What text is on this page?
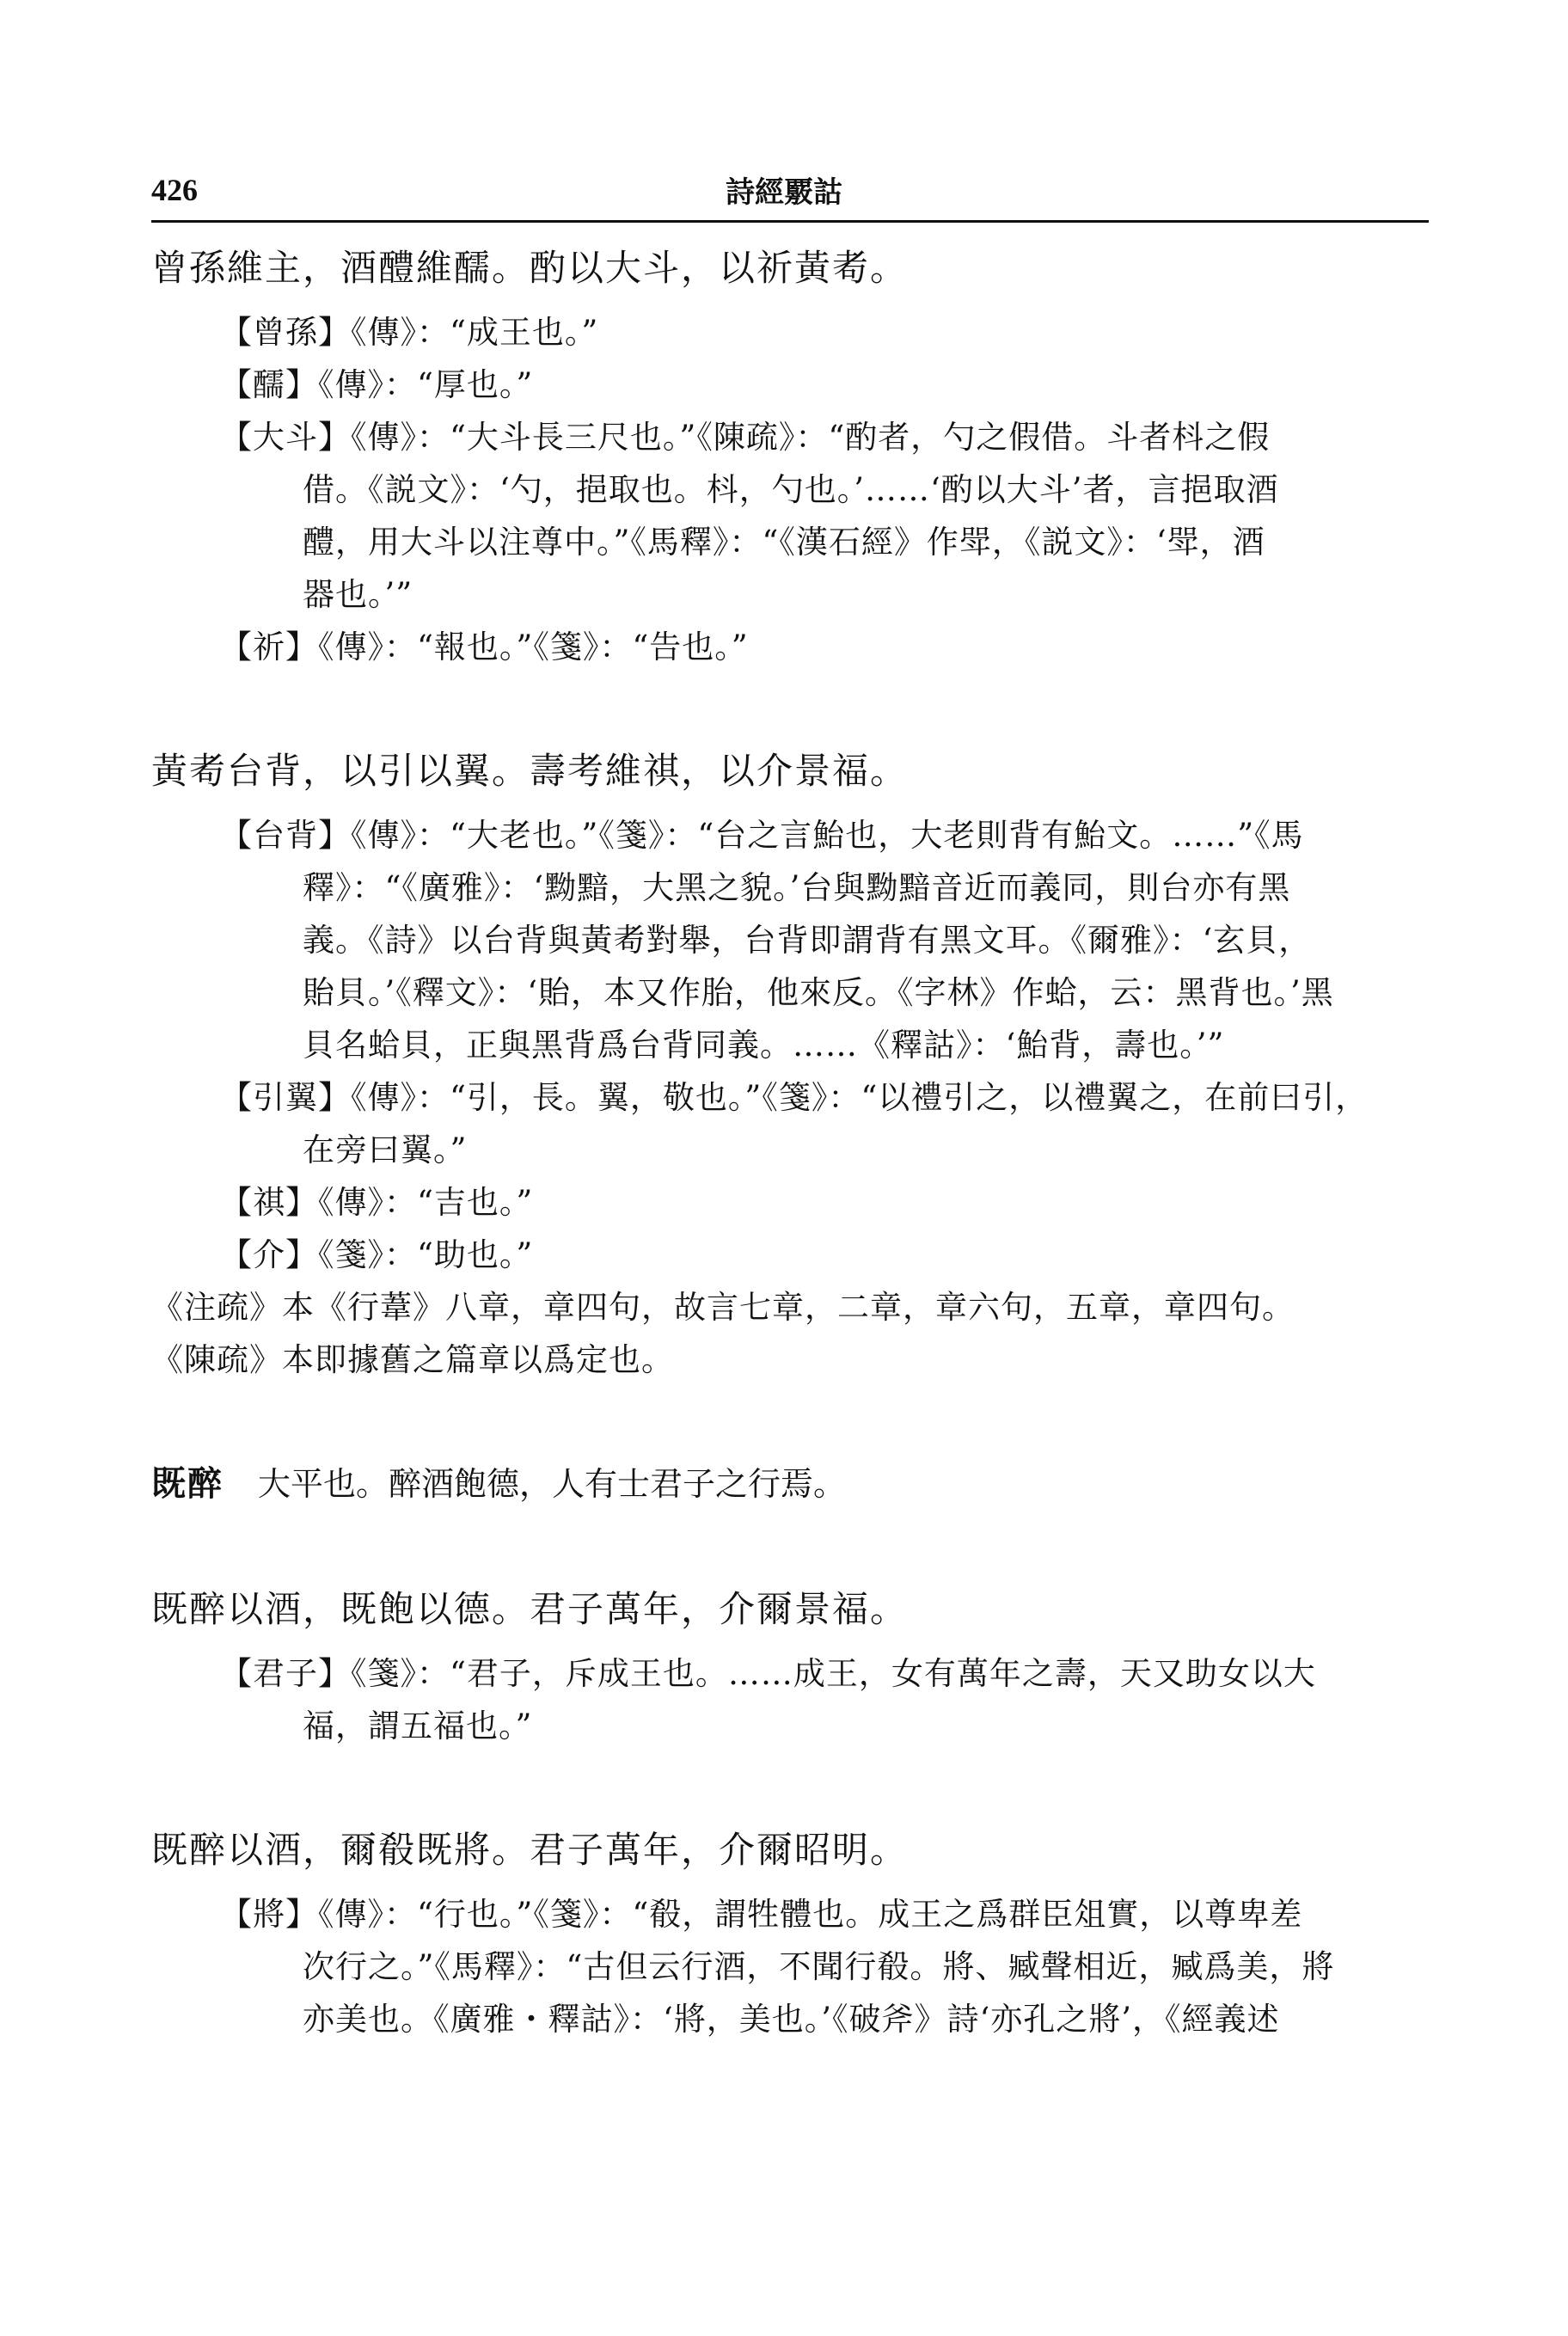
426	詩經覈詁
曾孫維主，酒醴維醹。酌以大斗，以祈黃耇。
【曾孫】《傳》：“成王也。”
【醹】《傳》：“厚也。”
【大斗】《傳》：“大斗長三尺也。”《陳疏》：“酌者，勺之假借。斗者枓之假
借。《説文》：‘勺，挹取也。枓，勺也。’……‘酌以大斗’者，言挹取酒
醴，用大斗以注尊中。”《馬釋》：“《漢石經》作斝，《説文》：‘斝，酒
器也。’”
【祈】《傳》：“報也。”《箋》：“告也。”
黃耇台背，以引以翼。壽考維祺，以介景福。
【台背】《傳》：“大老也。”《箋》：“台之言鮐也，大老則背有鮐文。……”《馬
釋》：“《廣雅》：‘黝黯，大黑之貌。’台與黝黯音近而義同，則台亦有黑
義。《詩》以台背與黃耇對舉，台背即謂背有黑文耳。《爾雅》：‘玄貝，
貽貝。’《釋文》：‘貽，本又作胎，他來反。《字林》作蛤，云：黑背也。’黑
貝名蛤貝，正與黑背爲台背同義。……《釋詁》：‘鮐背，壽也。’”
【引翼】《傳》：“引，長。翼，敬也。”《箋》：“以禮引之，以禮翼之，在前曰引，
在旁曰翼。”
【祺】《傳》：“吉也。”
【介】《箋》：“助也。”
《注疏》本《行葦》八章，章四句，故言七章，二章，章六句，五章，章四句。
《陳疏》本即據舊之篇章以爲定也。
既醉 大平也。醉酒飽德，人有士君子之行焉。
既醉以酒，既飽以德。君子萬年，介爾景福。
【君子】《箋》：“君子，斥成王也。……成王，女有萬年之壽，天又助女以大
福，謂五福也。”
既醉以酒，爾殽既將。君子萬年，介爾昭明。
【將】《傳》：“行也。”《箋》：“殽，謂牲體也。成王之爲群臣俎實，以尊卑差
次行之。”《馬釋》：“古但云行酒，不聞行殽。將、臧聲相近，臧爲美，將
亦美也。《廣雅・釋詁》：‘將，美也。’《破斧》詩‘亦孔之將’，《經義述
